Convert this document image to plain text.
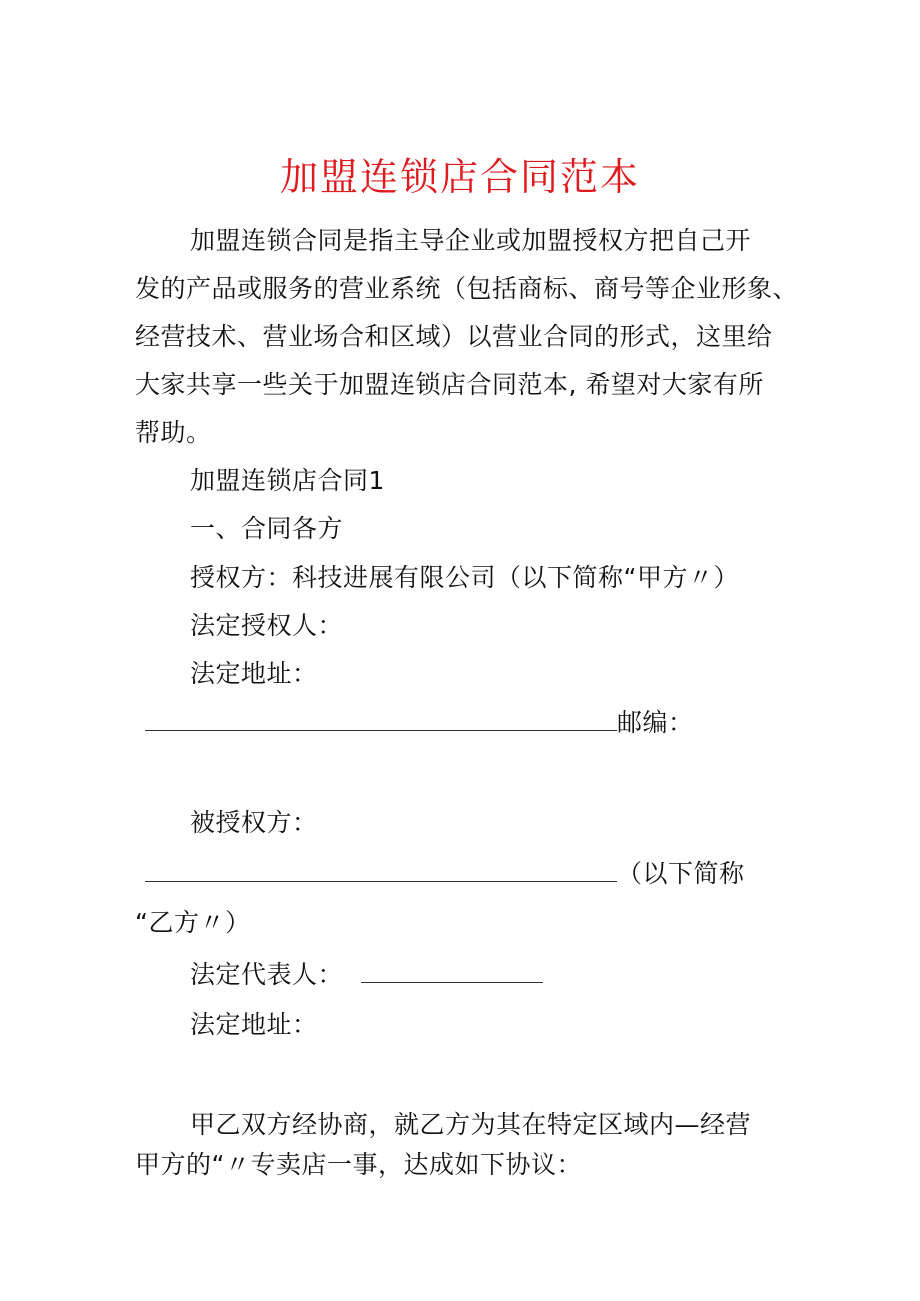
加盟连锁店合同范本
加盟连锁合同是指主导企业或加盟授权方把自己开
发的产品或服务的营业系统（包括商标、商号等企业形象、
经营技术、营业场合和区域）以营业合同的形式，这里给
大家共享一些关于加盟连锁店合同范本, 希望对大家有所
帮助。
加盟连锁店合同1
一、合同各方
授权方：科技进展有限公司（以下简称“甲方〃）
法定授权人：
法定地址：
邮编：
被授权方：
（以下简称
“乙方〃）
法定代表人：
法定地址：
甲乙双方经协商，就乙方为其在特定区域内—经营
甲方的“〃专卖店一事，达成如下协议：
